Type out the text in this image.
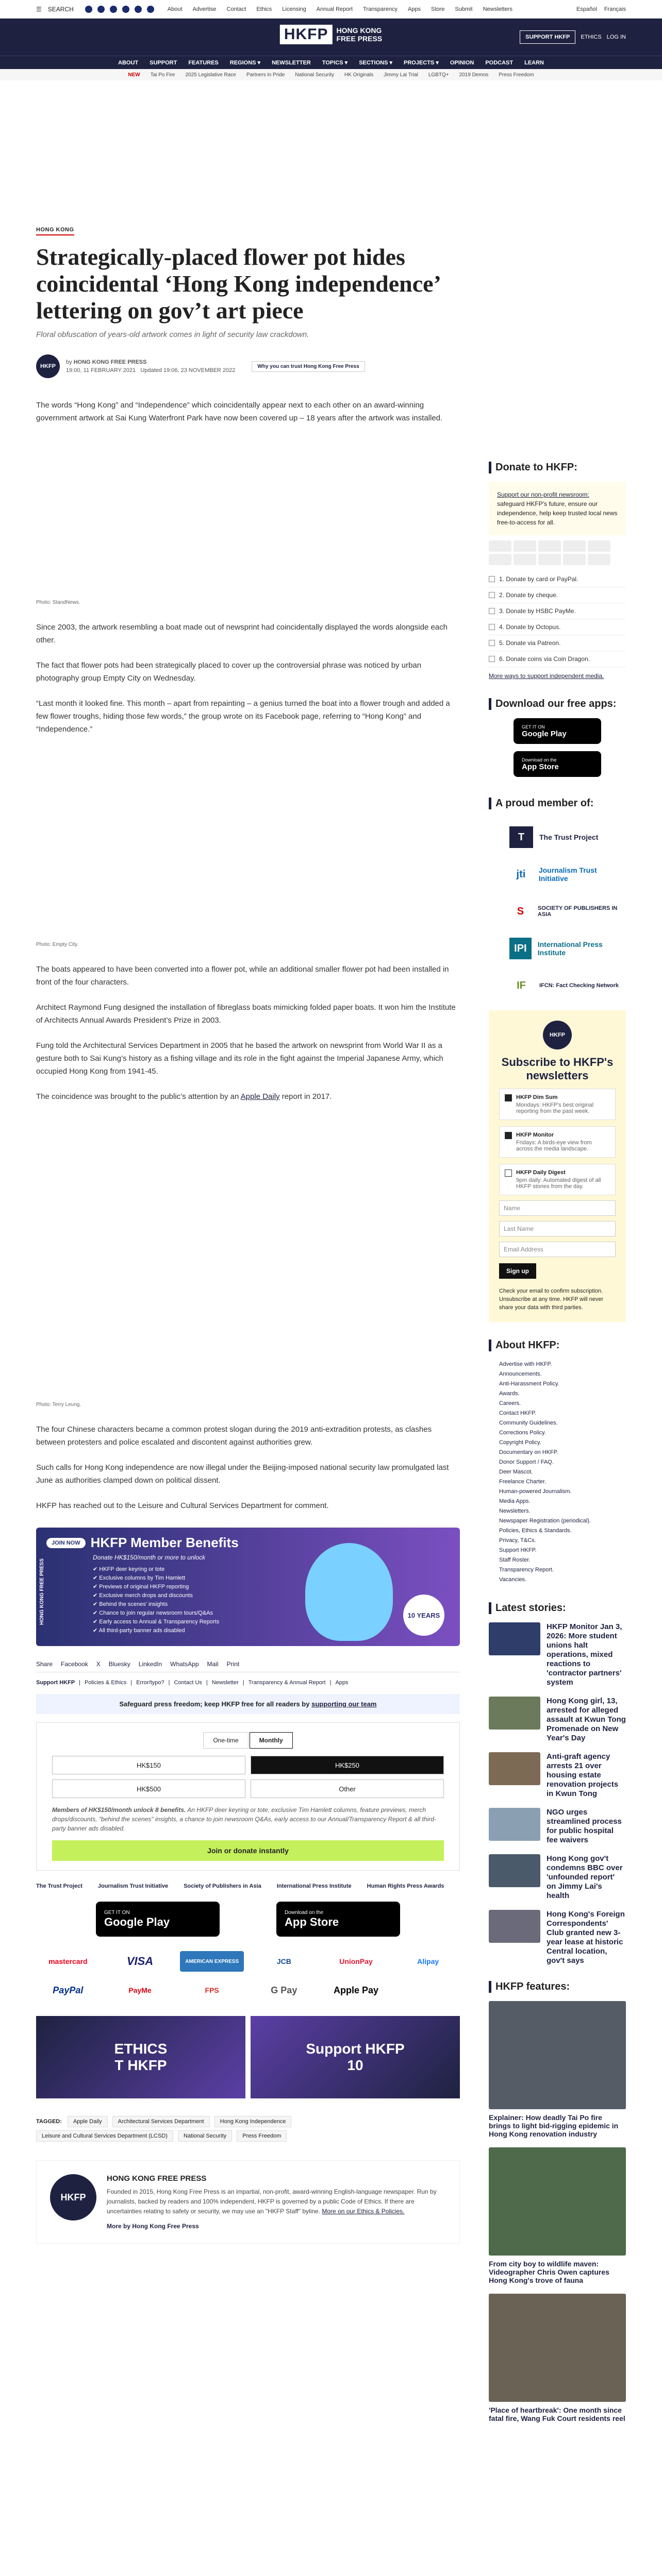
☰ SEARCH	About Advertise Contact Ethics Licensing Annual Report Transparency Apps Store Submit Newsletters	Español Français
HKFP	HONG KONG
FREE PRESS	SUPPORT HKFP	ETHICS LOG IN
ABOUT SUPPORT FEATURES REGIONS ▾ NEWSLETTER TOPICS ▾ SECTIONS ▾ PROJECTS ▾ OPINION PODCAST LEARN
NEW Tai Po Fire 2025 Legislative Race Partners in Pride National Security HK Originals Jimmy Lai Trial LGBTQ+ 2019 Demos Press Freedom
HONG KONG
Strategically-placed flower pot hides coincidental ‘Hong Kong independence’ lettering on gov’t art piece
Floral obfuscation of years-old artwork comes in light of security law crackdown.
HKFP
by HONG KONG FREE PRESS
19:00, 11 FEBRUARY 2021 Updated 19:06, 23 NOVEMBER 2022
Why you can trust Hong Kong Free Press

The words “Hong Kong” and “Independence” which coincidentally appear next to each other on an award-winning government artwork at Sai Kung Waterfront Park have now been covered up – 18 years after the artwork was installed.

Photo: StandNews.

Since 2003, the artwork resembling a boat made out of newsprint had coincidentally displayed the words alongside each other.

The fact that flower pots had been strategically placed to cover up the controversial phrase was noticed by urban photography group Empty City on Wednesday.

“Last month it looked fine. This month – apart from repainting – a genius turned the boat into a flower trough and added a few flower troughs, hiding those few words,” the group wrote on its Facebook page, referring to “Hong Kong” and “Independence.”

Photo: Empty City.

The boats appeared to have been converted into a flower pot, while an additional smaller flower pot had been installed in front of the four characters.

Architect Raymond Fung designed the installation of fibreglass boats mimicking folded paper boats. It won him the Institute of Architects Annual Awards President’s Prize in 2003.

Fung told the Architectural Services Department in 2005 that he based the artwork on newsprint from World War II as a gesture both to Sai Kung’s history as a fishing village and its role in the fight against the Imperial Japanese Army, which occupied Hong Kong from 1941-45.

The coincidence was brought to the public’s attention by an Apple Daily report in 2017.

Photo: Terry Leung.

The four Chinese characters became a common protest slogan during the 2019 anti-extradition protests, as clashes between protesters and police escalated and discontent against authorities grew.

Such calls for Hong Kong independence are now illegal under the Beijing-imposed national security law promulgated last June as authorities clamped down on political dissent.

HKFP has reached out to the Leisure and Cultural Services Department for comment.

JOIN NOW HKFP Member Benefits
Donate HK$150/month or more to unlock
✔ HKFP deer keyring or tote
✔ Exclusive columns by Tim Hamlett
✔ Previews of original HKFP reporting
✔ Exclusive merch drops and discounts
✔ Behind the scenes' insights
✔ Chance to join regular newsroom tours/Q&As
✔ Early access to Annual & Transparency Reports
✔ All third-party banner ads disabled
HONG KONG FREE PRESS	10 YEARS
Share Facebook X Bluesky LinkedIn WhatsApp Mail Print
Support HKFP | Policies & Ethics | Error/typo? | Contact Us | Newsletter | Transparency & Annual Report | Apps
Safeguard press freedom; keep HKFP free for all readers by supporting our team
One-time	Monthly
HK$150	HK$250
HK$500	Other

Members of HK$150/month unlock 8 benefits. An HKFP deer keyring or tote, exclusive Tim Hamlett columns, feature previews, merch drops/discounts, "behind the scenes" insights, a chance to join newsroom Q&As, early access to our Annual/Transparency Report & all third-party banner ads disabled.

Join or donate instantly
The Trust Project	Journalism Trust Initiative	Society of Publishers in Asia	International Press Institute	Human Rights Press Awards
GET IT ON
Google Play
Download on the
App Store
mastercard	VISA	AMERICAN EXPRESS	JCB	UnionPay	Alipay
PayPal	PayMe	FPS	G Pay	Apple Pay
ETHICS
T HKFP
Support HKFP
10
TAGGED: Apple Daily	Architectural Services Department	Hong Kong Independence
Leisure and Cultural Services Department (LCSD)	National Security	Press Freedom
HKFP
HONG KONG FREE PRESS

Founded in 2015, Hong Kong Free Press is an impartial, non-profit, award-winning English-language newspaper. Run by journalists, backed by readers and 100% independent, HKFP is governed by a public Code of Ethics. If there are uncertainties relating to safety or security, we may use an "HKFP Staff" byline. More on our Ethics & Policies.

More by Hong Kong Free Press
Donate to HKFP:

Support our non-profit newsroom: safeguard HKFP's future, ensure our independence, help keep trusted local news free-to-access for all.

1. Donate by card or PayPal.
2. Donate by cheque.
3. Donate by HSBC PayMe.
4. Donate by Octopus.
5. Donate via Patreon.
6. Donate coins via Coin Dragon.
More ways to support independent media.
Download our free apps:
GET IT ON
Google Play
Download on the
App Store
A proud member of:
T	The Trust Project
jti	Journalism Trust Initiative
S	SOCIETY OF PUBLISHERS IN ASIA
IPI	International Press Institute
IF	IFCN: Fact Checking Network
HKFP
Subscribe to HKFP's newsletters
HKFP Dim Sum
Mondays: HKFP's best original reporting from the past week.
HKFP Monitor
Fridays: A birds-eye view from across the media landscape.
HKFP Daily Digest
9pm daily: Automated digest of all HKFP stories from the day.
Name
Last Name
Email Address
Sign up

Check your email to confirm subscription. Unsubscribe at any time. HKFP will never share your data with third parties.

About HKFP:
Advertise with HKFP.
Announcements.
Anti-Harassment Policy.
Awards.
Careers.
Contact HKFP.
Community Guidelines.
Corrections Policy.
Copyright Policy.
Documentary on HKFP.
Donor Support / FAQ.
Deer Mascot.
Freelance Charter.
Human-powered Journalism.
Media Apps.
Newsletters.
Newspaper Registration (periodical).
Policies, Ethics & Standards.
Privacy, T&Cs.
Support HKFP.
Staff Roster.
Transparency Report.
Vacancies.
Latest stories:
HKFP Monitor Jan 3, 2026: More student unions halt operations, mixed reactions to 'contractor partners' system
Hong Kong girl, 13, arrested for alleged assault at Kwun Tong Promenade on New Year's Day
Anti-graft agency arrests 21 over housing estate renovation projects in Kwun Tong
NGO urges streamlined process for public hospital fee waivers
Hong Kong gov't condemns BBC over 'unfounded report' on Jimmy Lai's health
Hong Kong's Foreign Correspondents' Club granted new 3-year lease at historic Central location, gov't says
HKFP features:
Explainer: How deadly Tai Po fire brings to light bid-rigging epidemic in Hong Kong renovation industry
From city boy to wildlife maven: Videographer Chris Owen captures Hong Kong's trove of fauna
'Place of heartbreak': One month since fatal fire, Wang Fuk Court residents reel
